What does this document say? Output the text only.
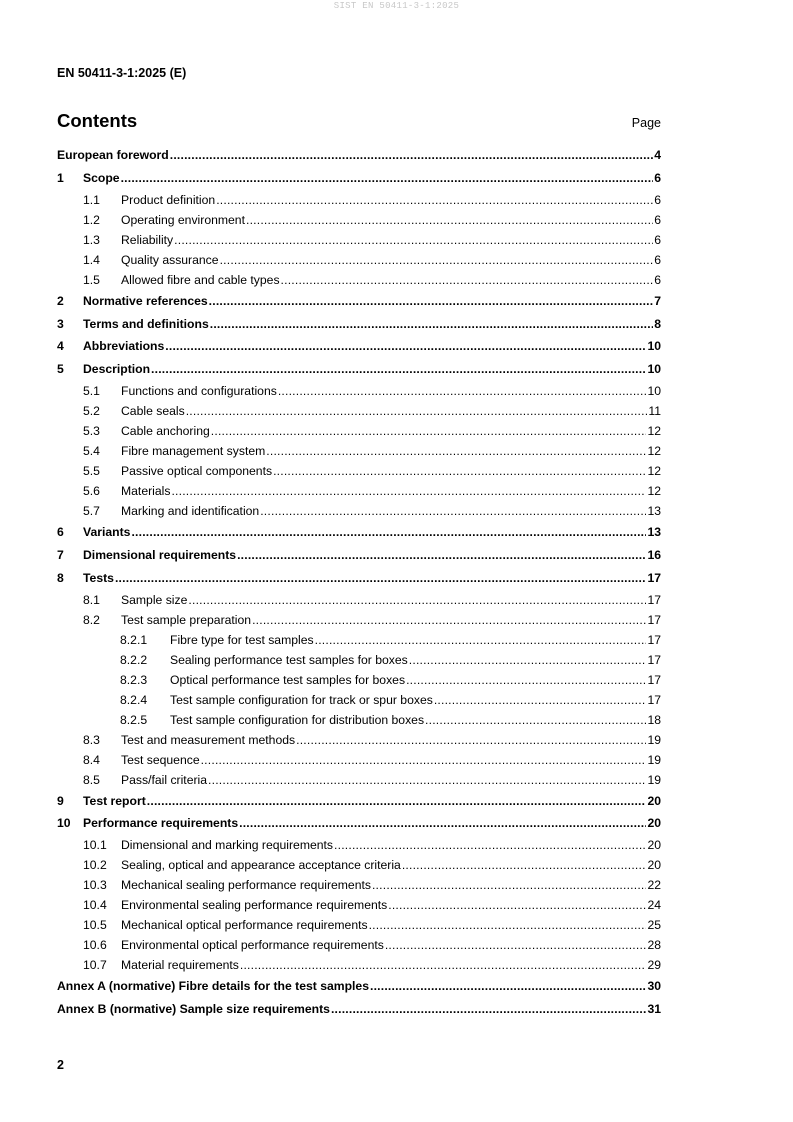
SIST EN 50411-3-1:2025
EN 50411-3-1:2025 (E)
Contents	Page
European foreword .....	4
1	Scope .....	6
1.1	Product definition .....	6
1.2	Operating environment .....	6
1.3	Reliability .....	6
1.4	Quality assurance .....	6
1.5	Allowed fibre and cable types .....	6
2	Normative references .....	7
3	Terms and definitions .....	8
4	Abbreviations .....	10
5	Description .....	10
5.1	Functions and configurations .....	10
5.2	Cable seals .....	11
5.3	Cable anchoring .....	12
5.4	Fibre management system .....	12
5.5	Passive optical components .....	12
5.6	Materials .....	12
5.7	Marking and identification .....	13
6	Variants .....	13
7	Dimensional requirements .....	16
8	Tests .....	17
8.1	Sample size .....	17
8.2	Test sample preparation .....	17
8.2.1	Fibre type for test samples .....	17
8.2.2	Sealing performance test samples for boxes .....	17
8.2.3	Optical performance test samples for boxes .....	17
8.2.4	Test sample configuration for track or spur boxes .....	17
8.2.5	Test sample configuration for distribution boxes .....	18
8.3	Test and measurement methods .....	19
8.4	Test sequence .....	19
8.5	Pass/fail criteria .....	19
9	Test report .....	20
10	Performance requirements .....	20
10.1	Dimensional and marking requirements .....	20
10.2	Sealing, optical and appearance acceptance criteria .....	20
10.3	Mechanical sealing performance requirements .....	22
10.4	Environmental sealing performance requirements .....	24
10.5	Mechanical optical performance requirements .....	25
10.6	Environmental optical performance requirements .....	28
10.7	Material requirements .....	29
Annex A (normative) Fibre details for the test samples .....	30
Annex B (normative) Sample size requirements .....	31
2
